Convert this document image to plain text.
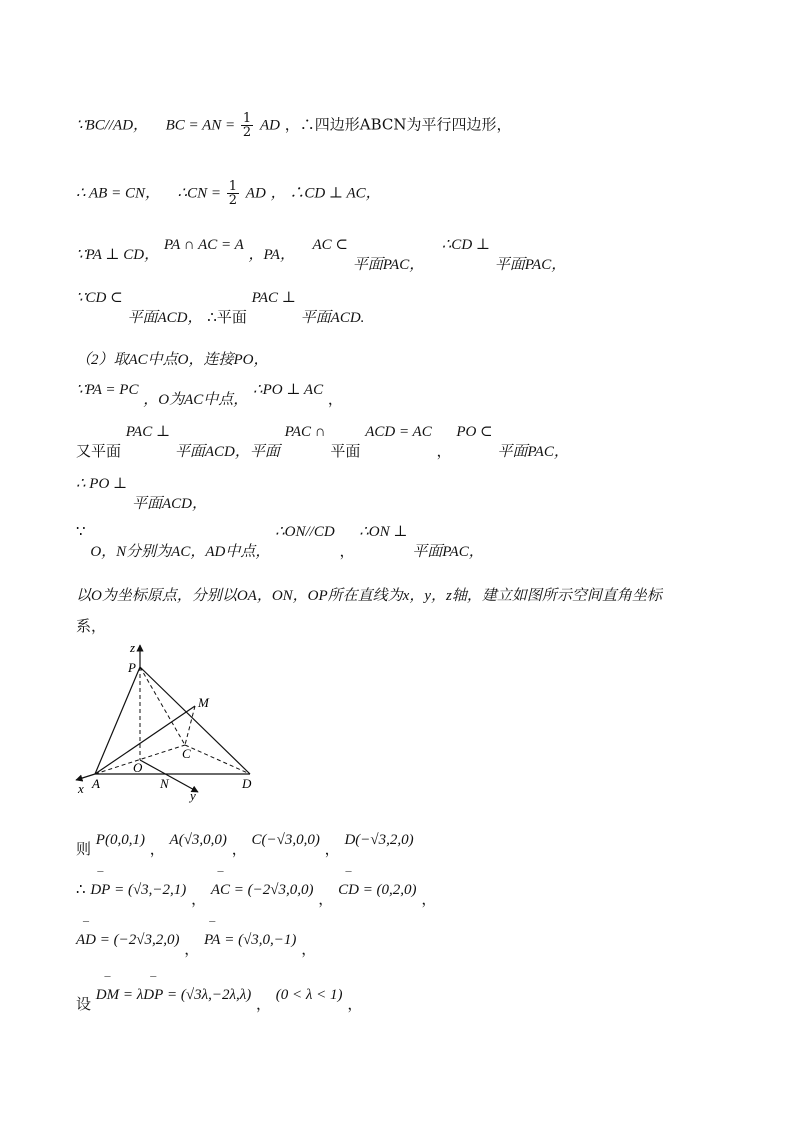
∵BC//AD， BC = AN = $\frac{1}{2}$ AD ，∴四边形ABCN为平行四边形，
∴ AB = CN， ∴CN = $\frac{1}{2}$ AD ， ∴CD ⊥ AC，
∵PA ⊥ CD， PA ∩ AC = A ，PA，  AC ⊂ 平面PAC，  ∴CD ⊥ 平面PAC，
∵CD ⊂ 平面ACD， ∴平面 PAC ⊥ 平面ACD.
（2）取AC中点O，连接PO，
∵PA = PC ，O为AC中点， ∴PO ⊥ AC ，
又平面 PAC ⊥ 平面ACD，平面 PAC ∩ 平面 ACD = AC ， PO ⊂ 平面PAC，
∴ PO ⊥ 平面ACD，
∵ O，N分别为AC，AD中点， ∴ON//CD ， ∴ON ⊥ 平面PAC，
以O为坐标原点，分别以OA，ON，OP所在直线为x，y，z轴，建立如图所示空间直角坐标
系，
z
P
M
C
O
A
x	N
y
D
则 P(0,0,1) ， A(√3,0,0) ， C(−√3,0,0) ， D(−√3,2,0)
∴ ¯ DP = (√3,−2,1) ， ¯ AC = (−2√3,0,0) ， ¯ CD = (0,2,0) ，
¯ AD = (−2√3,2,0) ， ¯ PA = (√3,0,−1) ，
设 ¯ DM = λ¯ DP = (√3λ,−2λ,λ) ， (0 < λ < 1) ，
